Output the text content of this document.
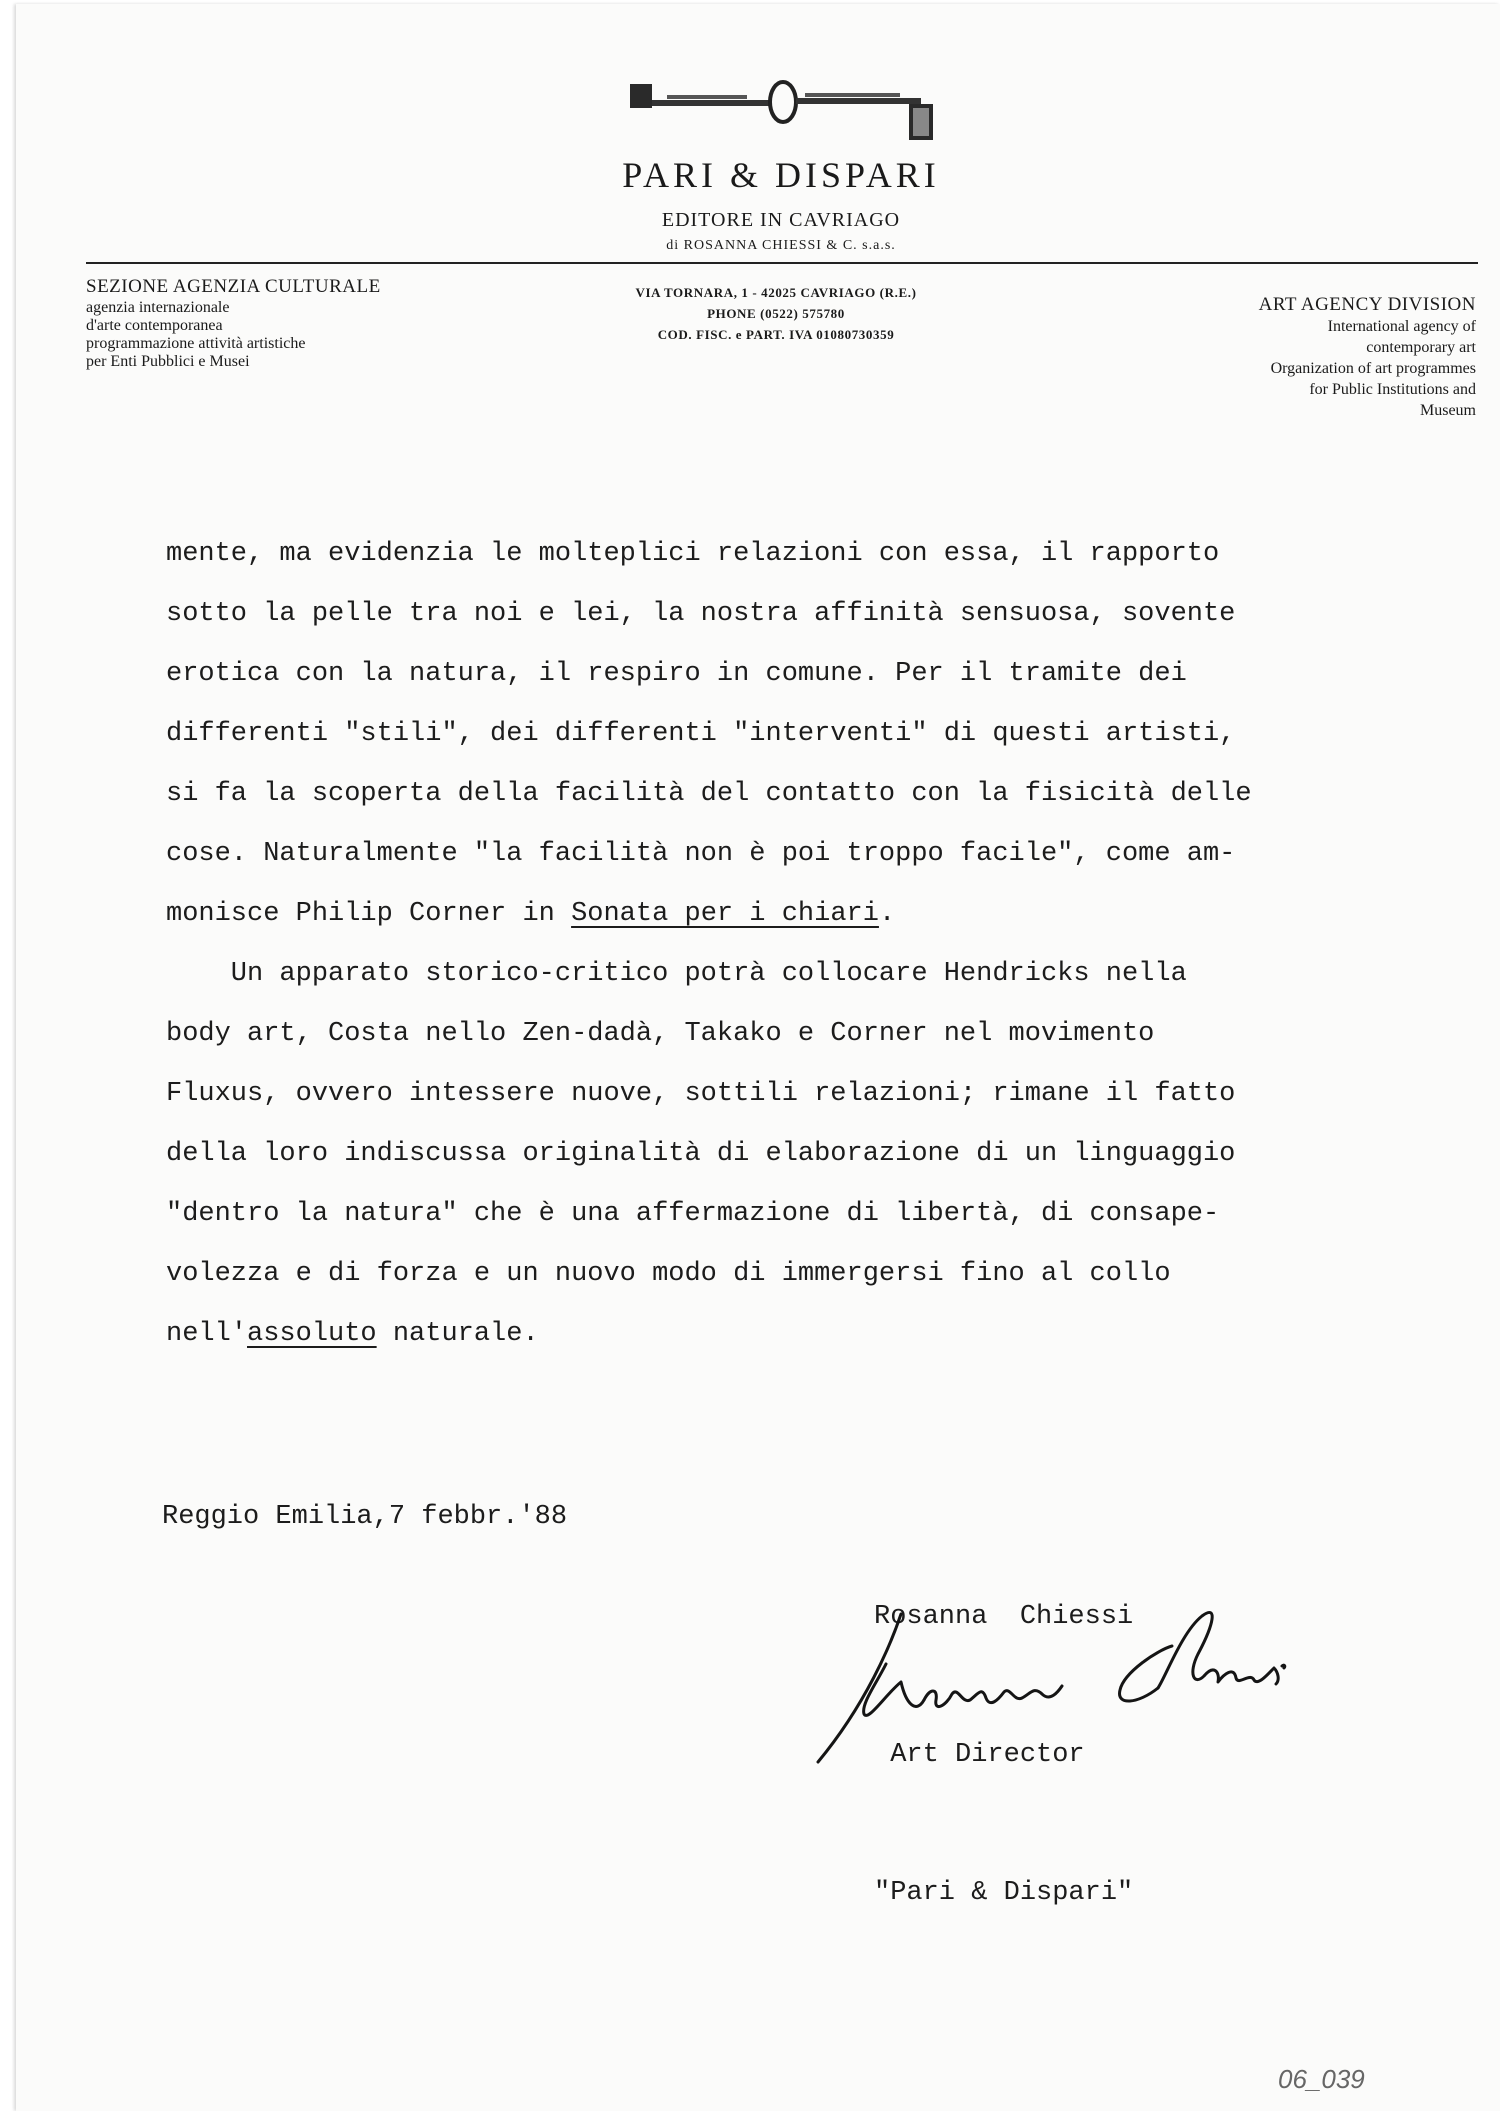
PARI & DISPARI
EDITORE IN CAVRIAGO
di ROSANNA CHIESSI & C. s.a.s.
SEZIONE AGENZIA CULTURALE
agenzia internazionale
d'arte contemporanea
programmazione attività artistiche
per Enti Pubblici e Musei
VIA TORNARA, 1 - 42025 CAVRIAGO (R.E.)
PHONE (0522) 575780
COD. FISC. e PART. IVA 01080730359
ART AGENCY DIVISION
International agency of
contemporary art
Organization of art programmes
for Public Institutions and
Museum
mente, ma evidenzia le molteplici relazioni con essa, il rapporto
sotto la pelle tra noi e lei, la nostra affinità sensuosa, sovente
erotica con la natura, il respiro in comune. Per il tramite dei
differenti "stili", dei differenti "interventi" di questi artisti,
si fa la scoperta della facilità del contatto con la fisicità delle
cose. Naturalmente "la facilità non è poi troppo facile", come am-
monisce Philip Corner in Sonata per i chiari.
Un apparato storico-critico potrà collocare Hendricks nella
body art, Costa nello Zen-dadà, Takako e Corner nel movimento
Fluxus, ovvero intessere nuove, sottili relazioni; rimane il fatto
della loro indiscussa originalità di elaborazione di un linguaggio
"dentro la natura" che è una affermazione di libertà, di consape-
volezza e di forza e un nuovo modo di immergersi fino al collo
nell'assoluto naturale.
Reggio Emilia,7 febbr.'88

Rosanna  Chiessi

Art Director

"Pari & Dispari"

06_039
